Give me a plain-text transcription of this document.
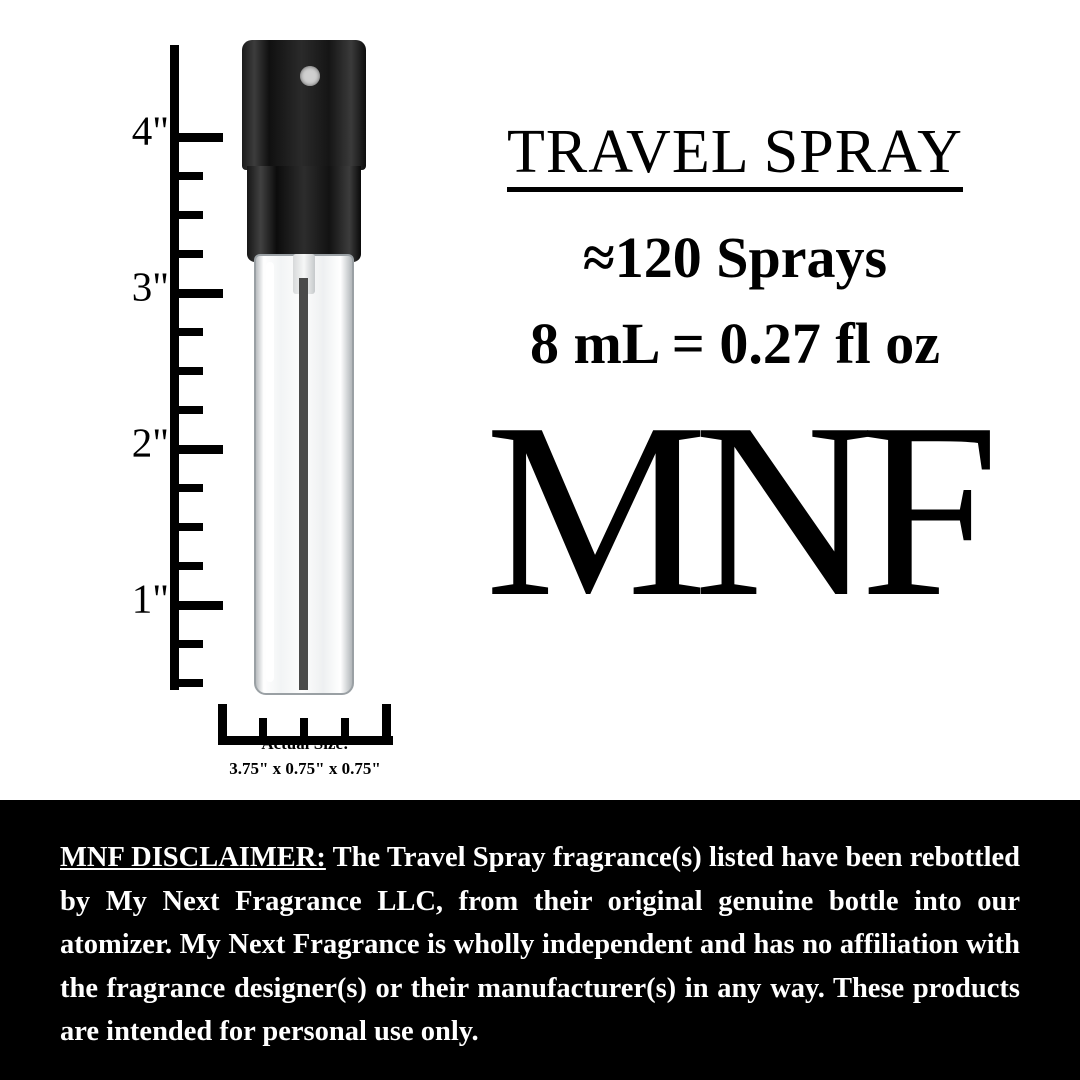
4"
3"
2"
1"
Actual Size:
3.75" x 0.75" x 0.75"
TRAVEL SPRAY
≈120 Sprays
8 mL = 0.27 fl oz
MNF

MNF DISCLAIMER: The Travel Spray fragrance(s) listed have been rebottled by My Next Fragrance LLC, from their original genuine bottle into our atomizer. My Next Fragrance is wholly independent and has no affiliation with the fragrance designer(s) or their manufacturer(s) in any way. These products are intended for personal use only.
